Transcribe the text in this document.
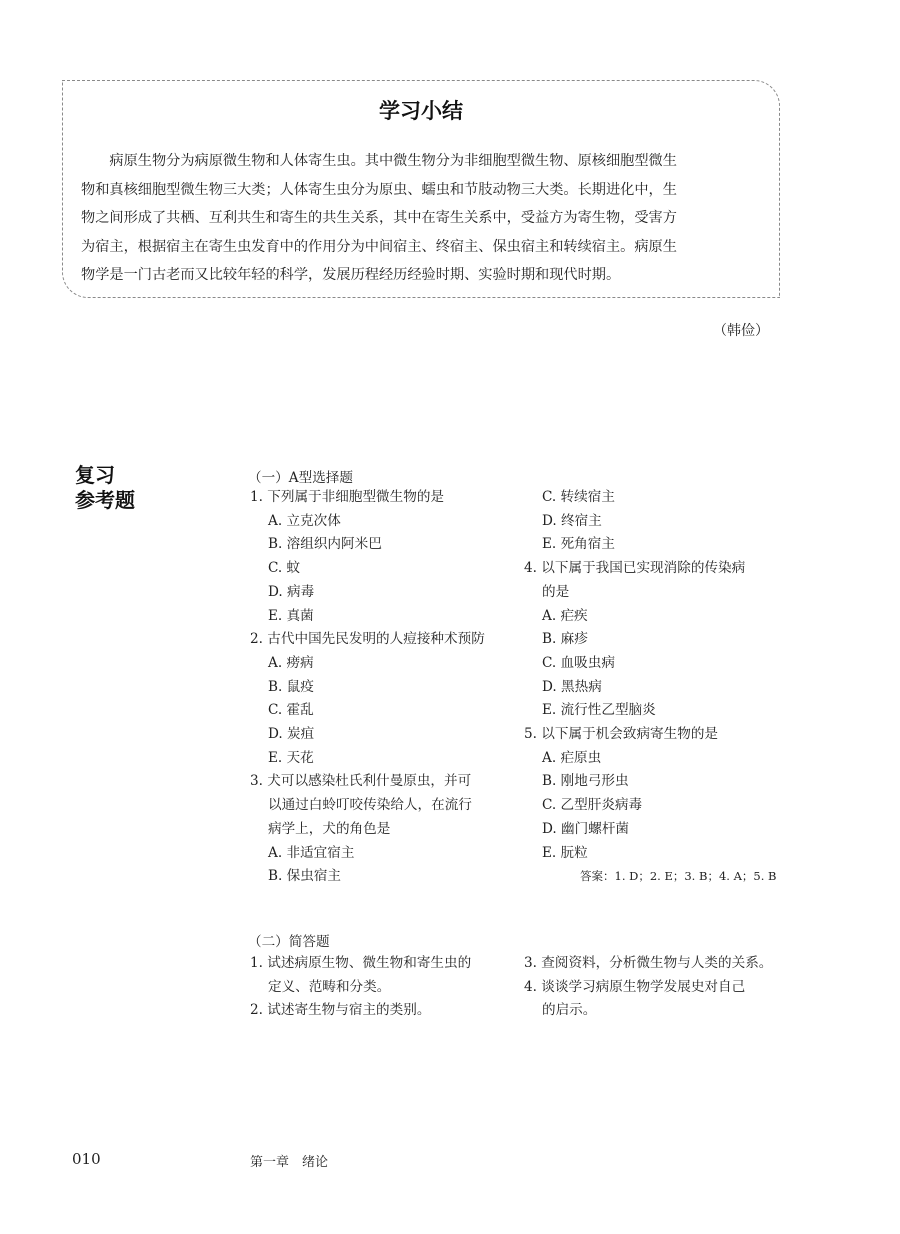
学习小结
　　病原生物分为病原微生物和人体寄生虫。其中微生物分为非细胞型微生物、原核细胞型微生
物和真核细胞型微生物三大类；人体寄生虫分为原虫、蠕虫和节肢动物三大类。长期进化中，生
物之间形成了共栖、互利共生和寄生的共生关系，其中在寄生关系中，受益方为寄生物，受害方
为宿主，根据宿主在寄生虫发育中的作用分为中间宿主、终宿主、保虫宿主和转续宿主。病原生
物学是一门古老而又比较年轻的科学，发展历程经历经验时期、实验时期和现代时期。
（韩俭）
复习
参考题
（一）A型选择题
1. 下列属于非细胞型微生物的是
A. 立克次体
B. 溶组织内阿米巴
C. 蚊
D. 病毒
E. 真菌
2. 古代中国先民发明的人痘接种术预防
A. 痨病
B. 鼠疫
C. 霍乱
D. 炭疽
E. 天花
3. 犬可以感染杜氏利什曼原虫，并可
以通过白蛉叮咬传染给人，在流行
病学上，犬的角色是
A. 非适宜宿主
B. 保虫宿主
C. 转续宿主
D. 终宿主
E. 死角宿主
4. 以下属于我国已实现消除的传染病
的是
A. 疟疾
B. 麻疹
C. 血吸虫病
D. 黑热病
E. 流行性乙型脑炎
5. 以下属于机会致病寄生物的是
A. 疟原虫
B. 刚地弓形虫
C. 乙型肝炎病毒
D. 幽门螺杆菌
E. 朊粒
答案：1. D；2. E；3. B；4. A；5. B
（二）简答题
1. 试述病原生物、微生物和寄生虫的
定义、范畴和分类。
2. 试述寄生物与宿主的类别。
3. 查阅资料，分析微生物与人类的关系。
4. 谈谈学习病原生物学发展史对自己
的启示。
010	第一章　绪论
